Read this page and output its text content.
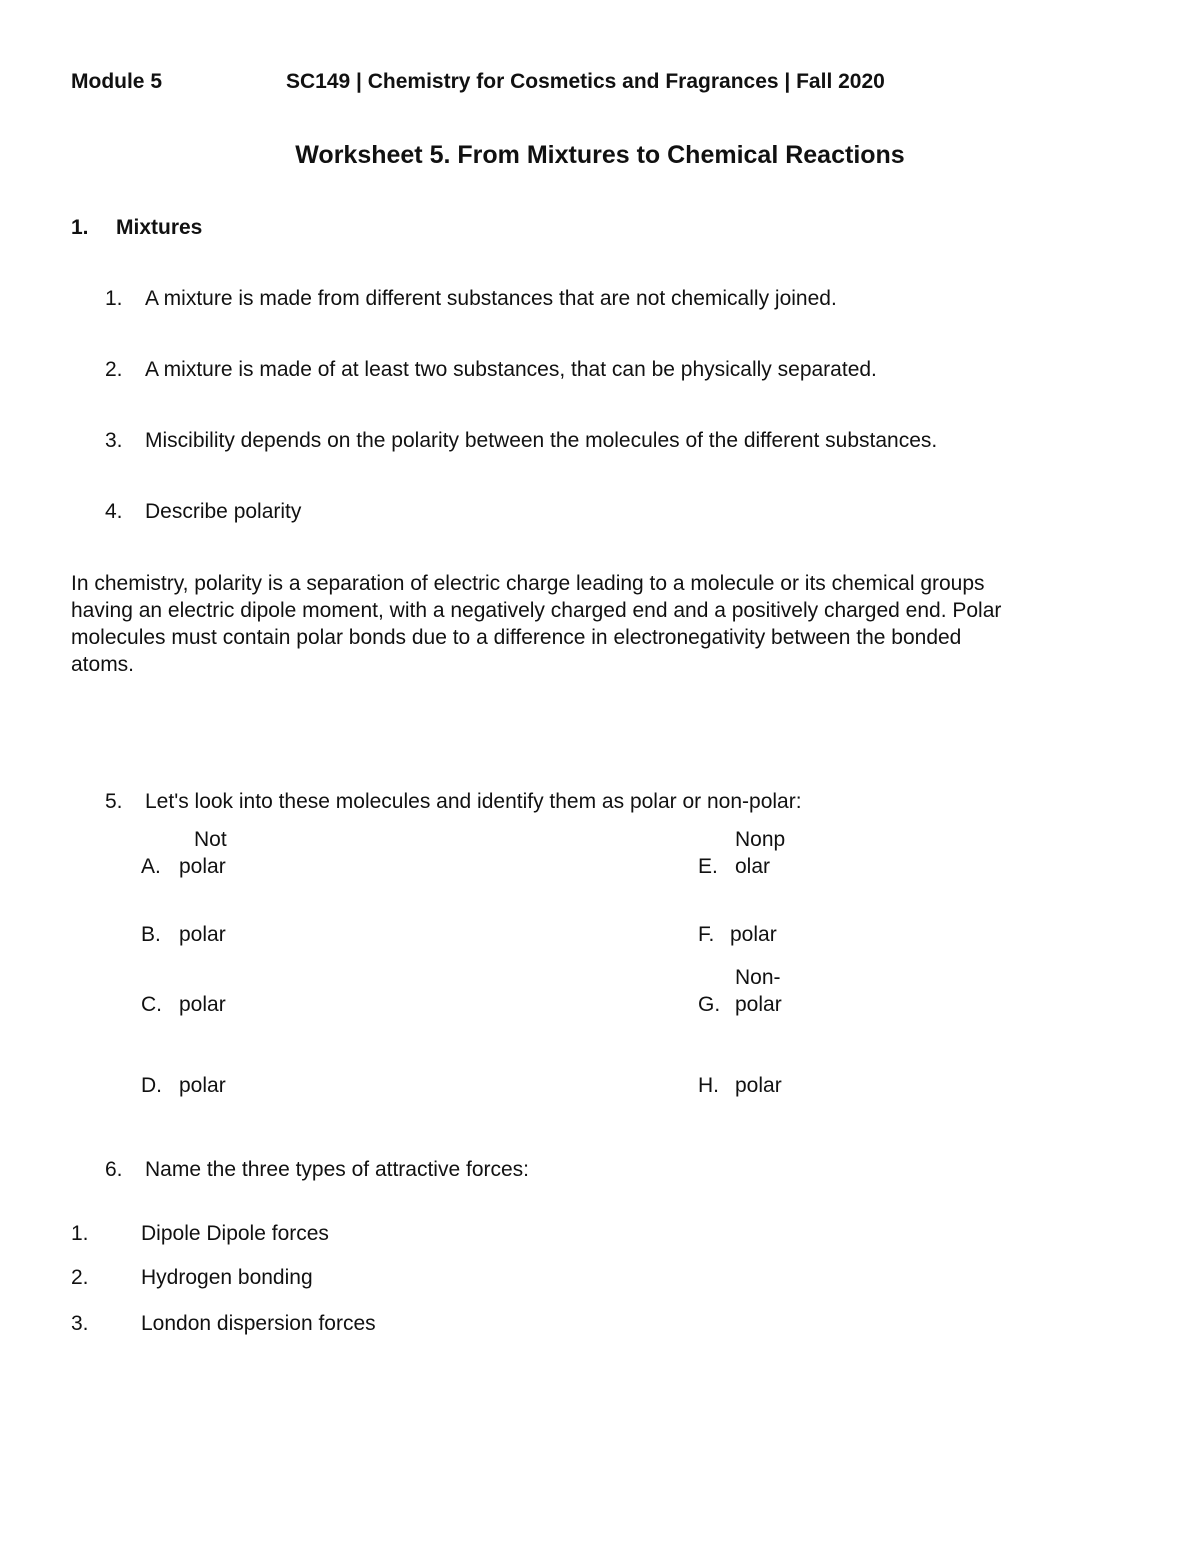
Module 5	SC149 | Chemistry for Cosmetics and Fragrances | Fall 2020
Worksheet 5. From Mixtures to Chemical Reactions
1. Mixtures
1. A mixture is made from different substances that are not chemically joined.
2. A mixture is made of at least two substances, that can be physically separated.
3. Miscibility depends on the polarity between the molecules of the different substances.
4. Describe polarity

In chemistry, polarity is a separation of electric charge leading to a molecule or its chemical groups

having an electric dipole moment, with a negatively charged end and a positively charged end. Polar

molecules must contain polar bonds due to a difference in electronegativity between the bonded

atoms.

5. Let's look into these molecules and identify them as polar or non-polar:
Not
A. polar
B. polar
C. polar
D. polar
Nonp
E. olar
F. polar
Non-
G. polar
H. polar
6. Name the three types of attractive forces:
1. Dipole Dipole forces
2. Hydrogen bonding
3. London dispersion forces
